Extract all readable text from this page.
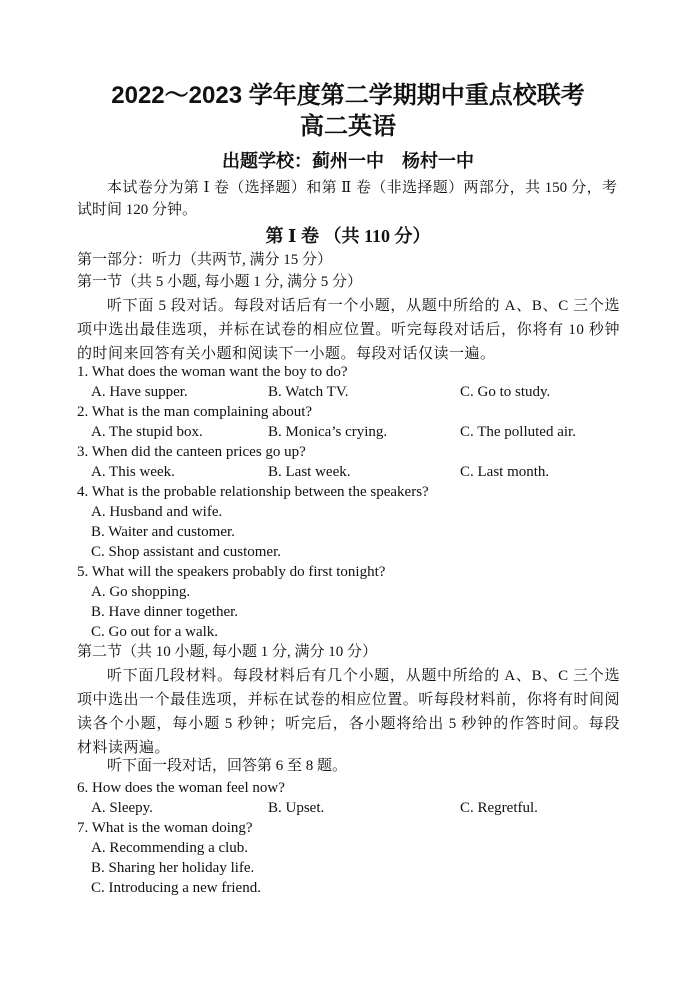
2022～2023 学年度第二学期期中重点校联考
高二英语
出题学校：蓟州一中　杨村一中
本试卷分为第 Ⅰ 卷（选择题）和第 Ⅱ 卷（非选择题）两部分，共 150 分，考试时间 120 分钟。
第 Ⅰ 卷 （共 110 分）
第一部分：听力（共两节, 满分 15 分）
第一节（共 5 小题, 每小题 1 分, 满分 5 分）
听下面 5 段对话。每段对话后有一个小题，从题中所给的 A、B、C 三个选项中选出最佳选项，并标在试卷的相应位置。听完每段对话后，你将有 10 秒钟的时间来回答有关小题和阅读下一小题。每段对话仅读一遍。
1. What does the woman want the boy to do?
A. Have supper.	B. Watch TV.	C. Go to study.
2. What is the man complaining about?
A. The stupid box.	B. Monica’s crying.	C. The polluted air.
3. When did the canteen prices go up?
A. This week.	B. Last week.	C. Last month.
4. What is the probable relationship between the speakers?
A. Husband and wife.
B. Waiter and customer.
C. Shop assistant and customer.
5. What will the speakers probably do first tonight?
A. Go shopping.
B. Have dinner together.
C. Go out for a walk.
第二节（共 10 小题, 每小题 1 分, 满分 10 分）
听下面几段材料。每段材料后有几个小题，从题中所给的 A、B、C 三个选项中选出一个最佳选项，并标在试卷的相应位置。听每段材料前，你将有时间阅读各个小题，每小题 5 秒钟；听完后，各小题将给出 5 秒钟的作答时间。每段材料读两遍。
听下面一段对话，回答第 6 至 8 题。
6. How does the woman feel now?
A. Sleepy.	B. Upset.	C. Regretful.
7. What is the woman doing?
A. Recommending a club.
B. Sharing her holiday life.
C. Introducing a new friend.
